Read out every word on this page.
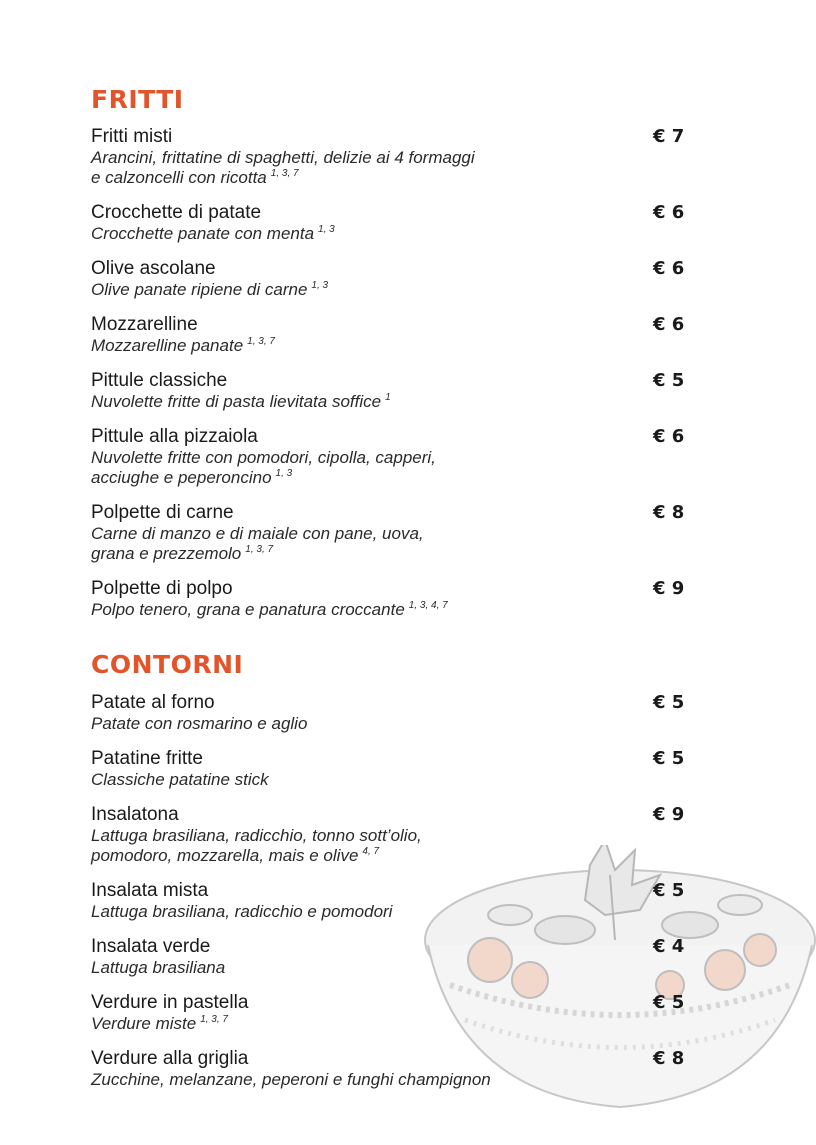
FRITTI
Fritti misti
Arancini, frittatine di spaghetti, delizie ai 4 formaggi
e calzoncelli con ricotta $^{1, 3, 7}$
€ 7
Crocchette di patate
Crocchette panate con menta $^{1, 3}$
€ 6
Olive ascolane
Olive panate ripiene di carne $^{1, 3}$
€ 6
Mozzarelline
Mozzarelline panate $^{1, 3, 7}$
€ 6
Pittule classiche
Nuvolette fritte di pasta lievitata soffice $^1$
€ 5
Pittule alla pizzaiola
Nuvolette fritte con pomodori, cipolla, capperi,
acciughe e peperoncino $^{1, 3}$
€ 6
Polpette di carne
Carne di manzo e di maiale con pane, uova,
grana e prezzemolo $^{1, 3, 7}$
€ 8
Polpette di polpo
Polpo tenero, grana e panatura croccante $^{1, 3, 4, 7}$
€ 9
CONTORNI
Patate al forno
Patate con rosmarino e aglio
€ 5
Patatine fritte
Classiche patatine stick
€ 5
Insalatona
Lattuga brasiliana, radicchio, tonno sott’olio,
pomodoro, mozzarella, mais e olive $^{4, 7}$
€ 9
Insalata mista
Lattuga brasiliana, radicchio e pomodori
€ 5
Insalata verde
Lattuga brasiliana
€ 4
Verdure in pastella
Verdure miste $^{1, 3, 7}$
€ 5
Verdure alla griglia
Zucchine, melanzane, peperoni e funghi champignon
€ 8
